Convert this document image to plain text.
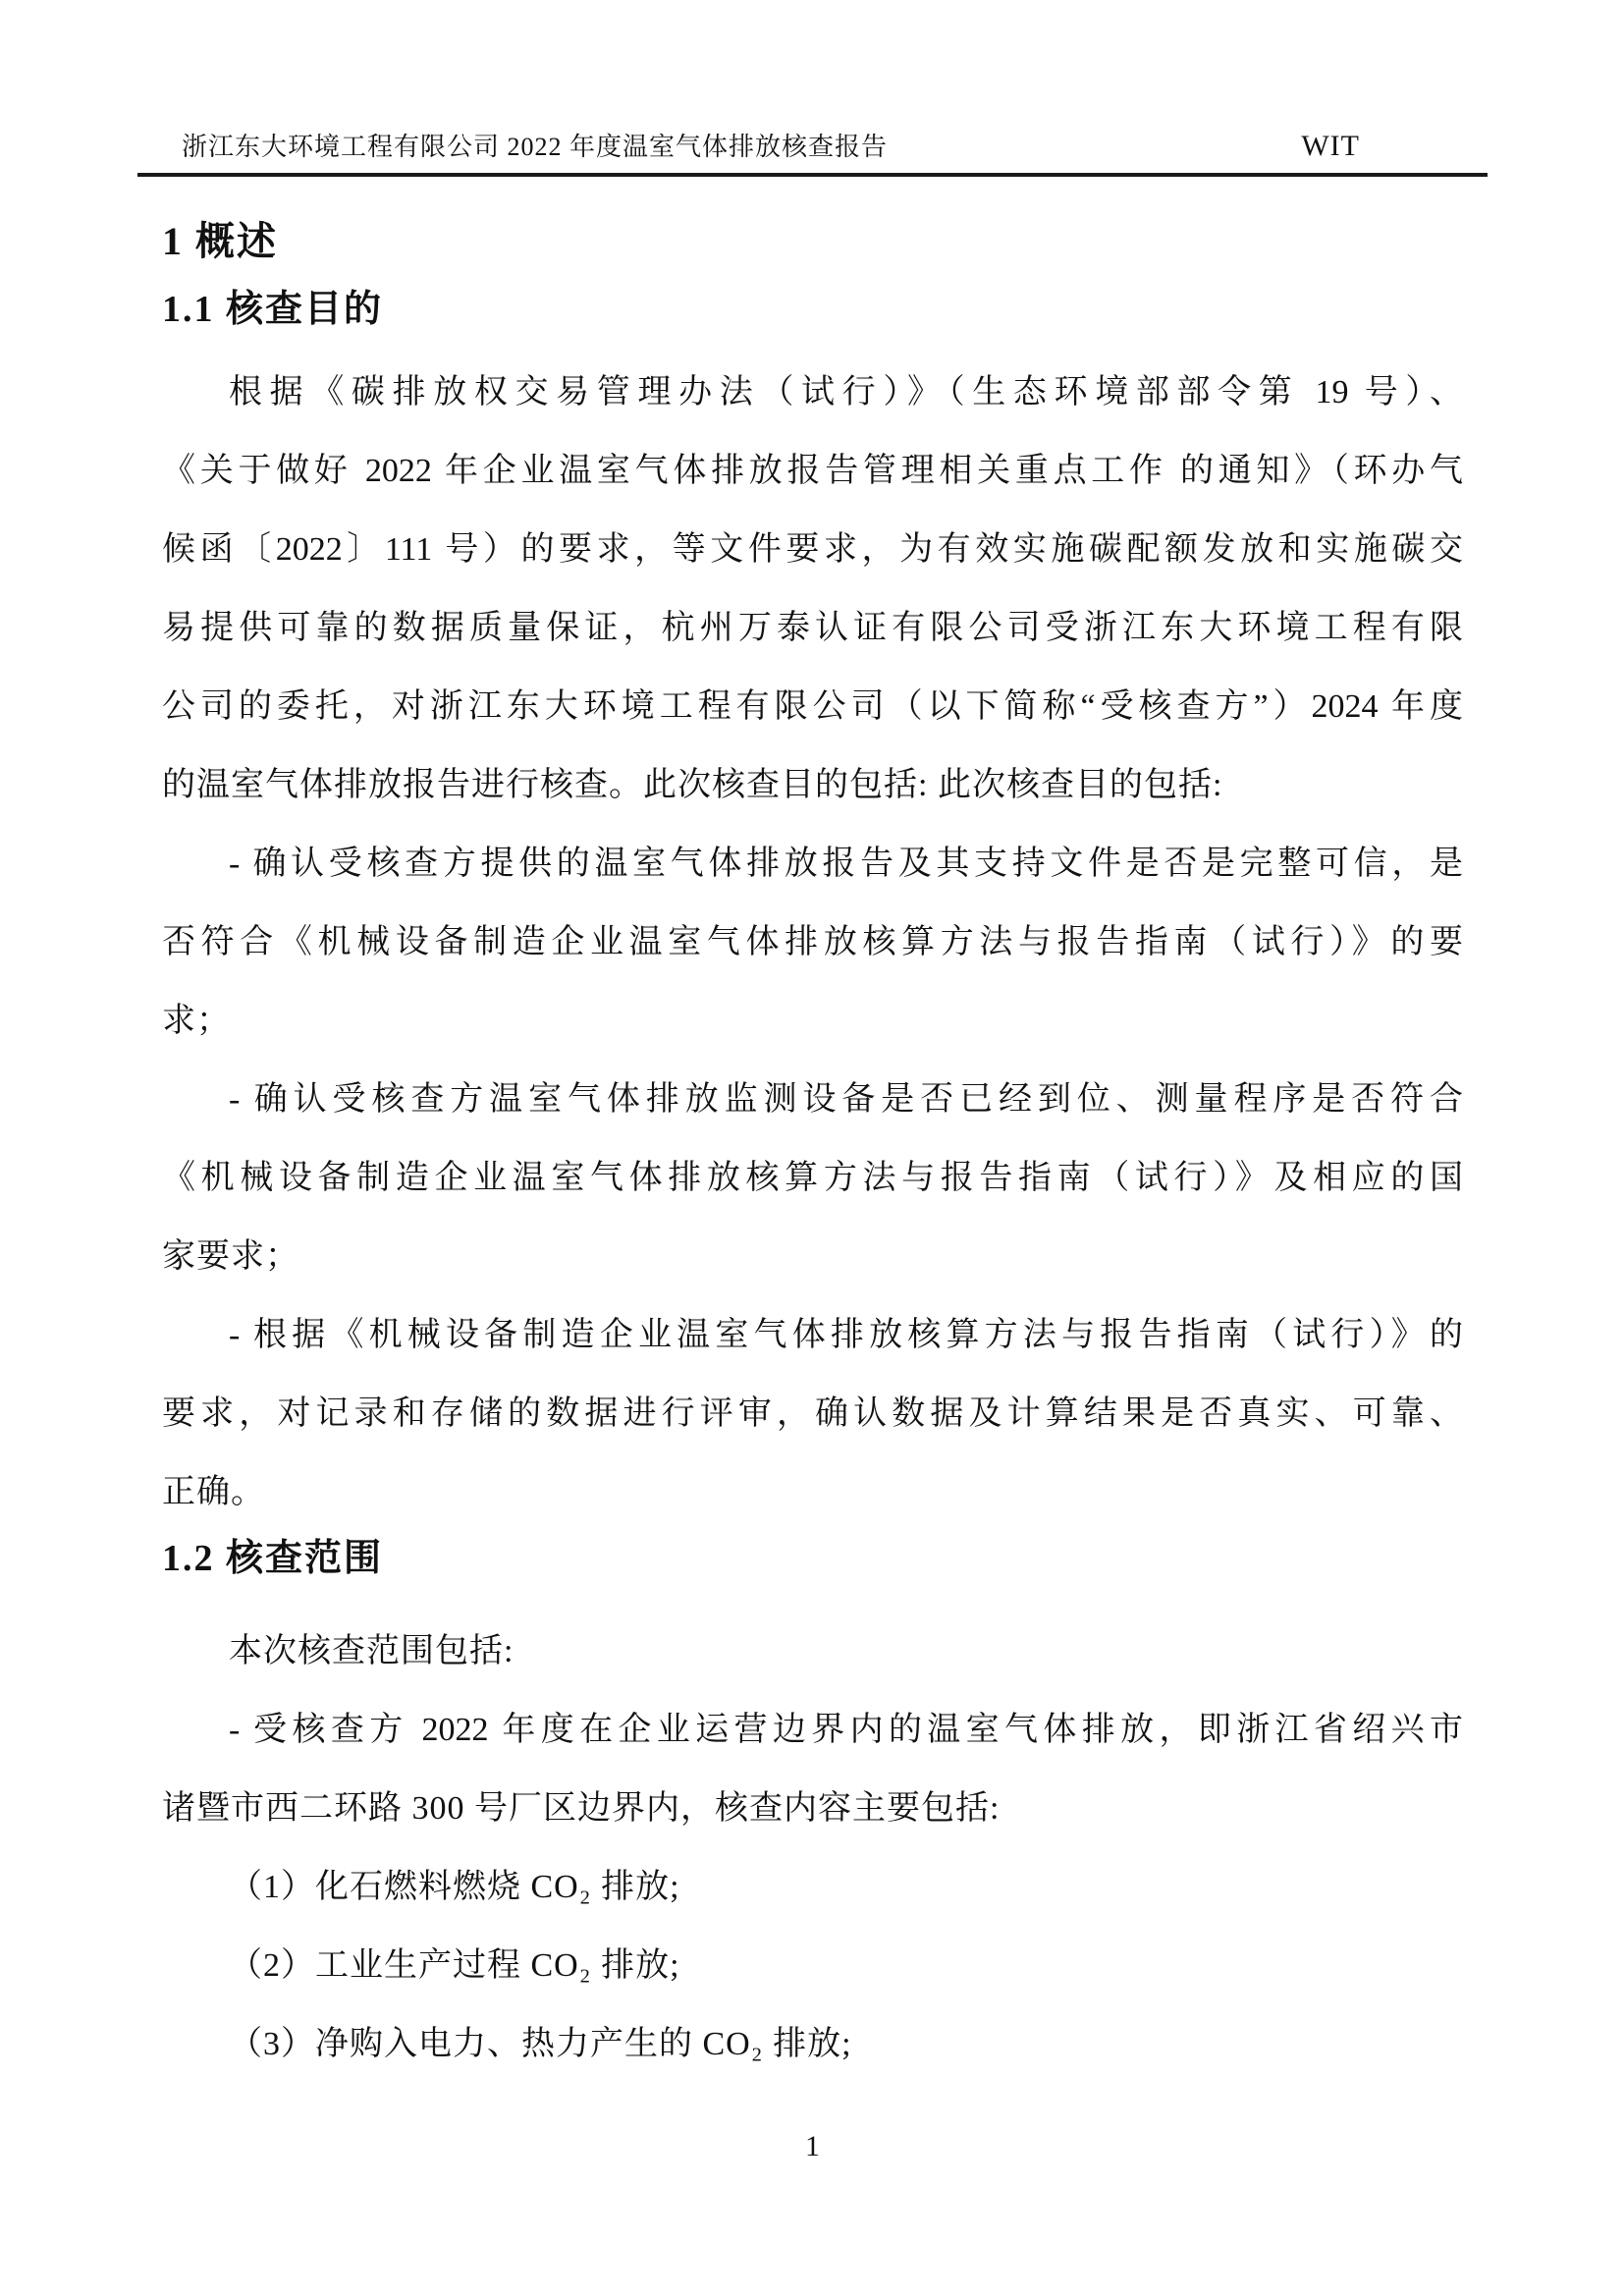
浙江东大环境工程有限公司 2022 年度温室气体排放核查报告	WIT
1 概述
1.1 核查目的
根据《碳排放权交易管理办法（试行）》（生态环境部部令第 19 号）、
《关于做好 2022 年企业温室气体排放报告管理相关重点工作 的通知》（环办气
候函〔2022〕111 号）的要求，等文件要求，为有效实施碳配额发放和实施碳交
易提供可靠的数据质量保证，杭州万泰认证有限公司受浙江东大环境工程有限
公司的委托，对浙江东大环境工程有限公司（以下简称“受核查方”）2024 年度
的温室气体排放报告进行核查。此次核查目的包括: 此次核查目的包括:
- 确认受核查方提供的温室气体排放报告及其支持文件是否是完整可信，是
否符合《机械设备制造企业温室气体排放核算方法与报告指南（试行）》的要
求；
- 确认受核查方温室气体排放监测设备是否已经到位、测量程序是否符合
《机械设备制造企业温室气体排放核算方法与报告指南（试行）》及相应的国
家要求；
- 根据《机械设备制造企业温室气体排放核算方法与报告指南（试行）》的
要求，对记录和存储的数据进行评审，确认数据及计算结果是否真实、可靠、
正确。
1.2 核查范围
本次核查范围包括:
- 受核查方 2022 年度在企业运营边界内的温室气体排放，即浙江省绍兴市
诸暨市西二环路 300 号厂区边界内，核查内容主要包括:
（1）化石燃料燃烧 CO₂ 排放;
（2）工业生产过程 CO₂ 排放;
（3）净购入电力、热力产生的 CO₂ 排放;
1
